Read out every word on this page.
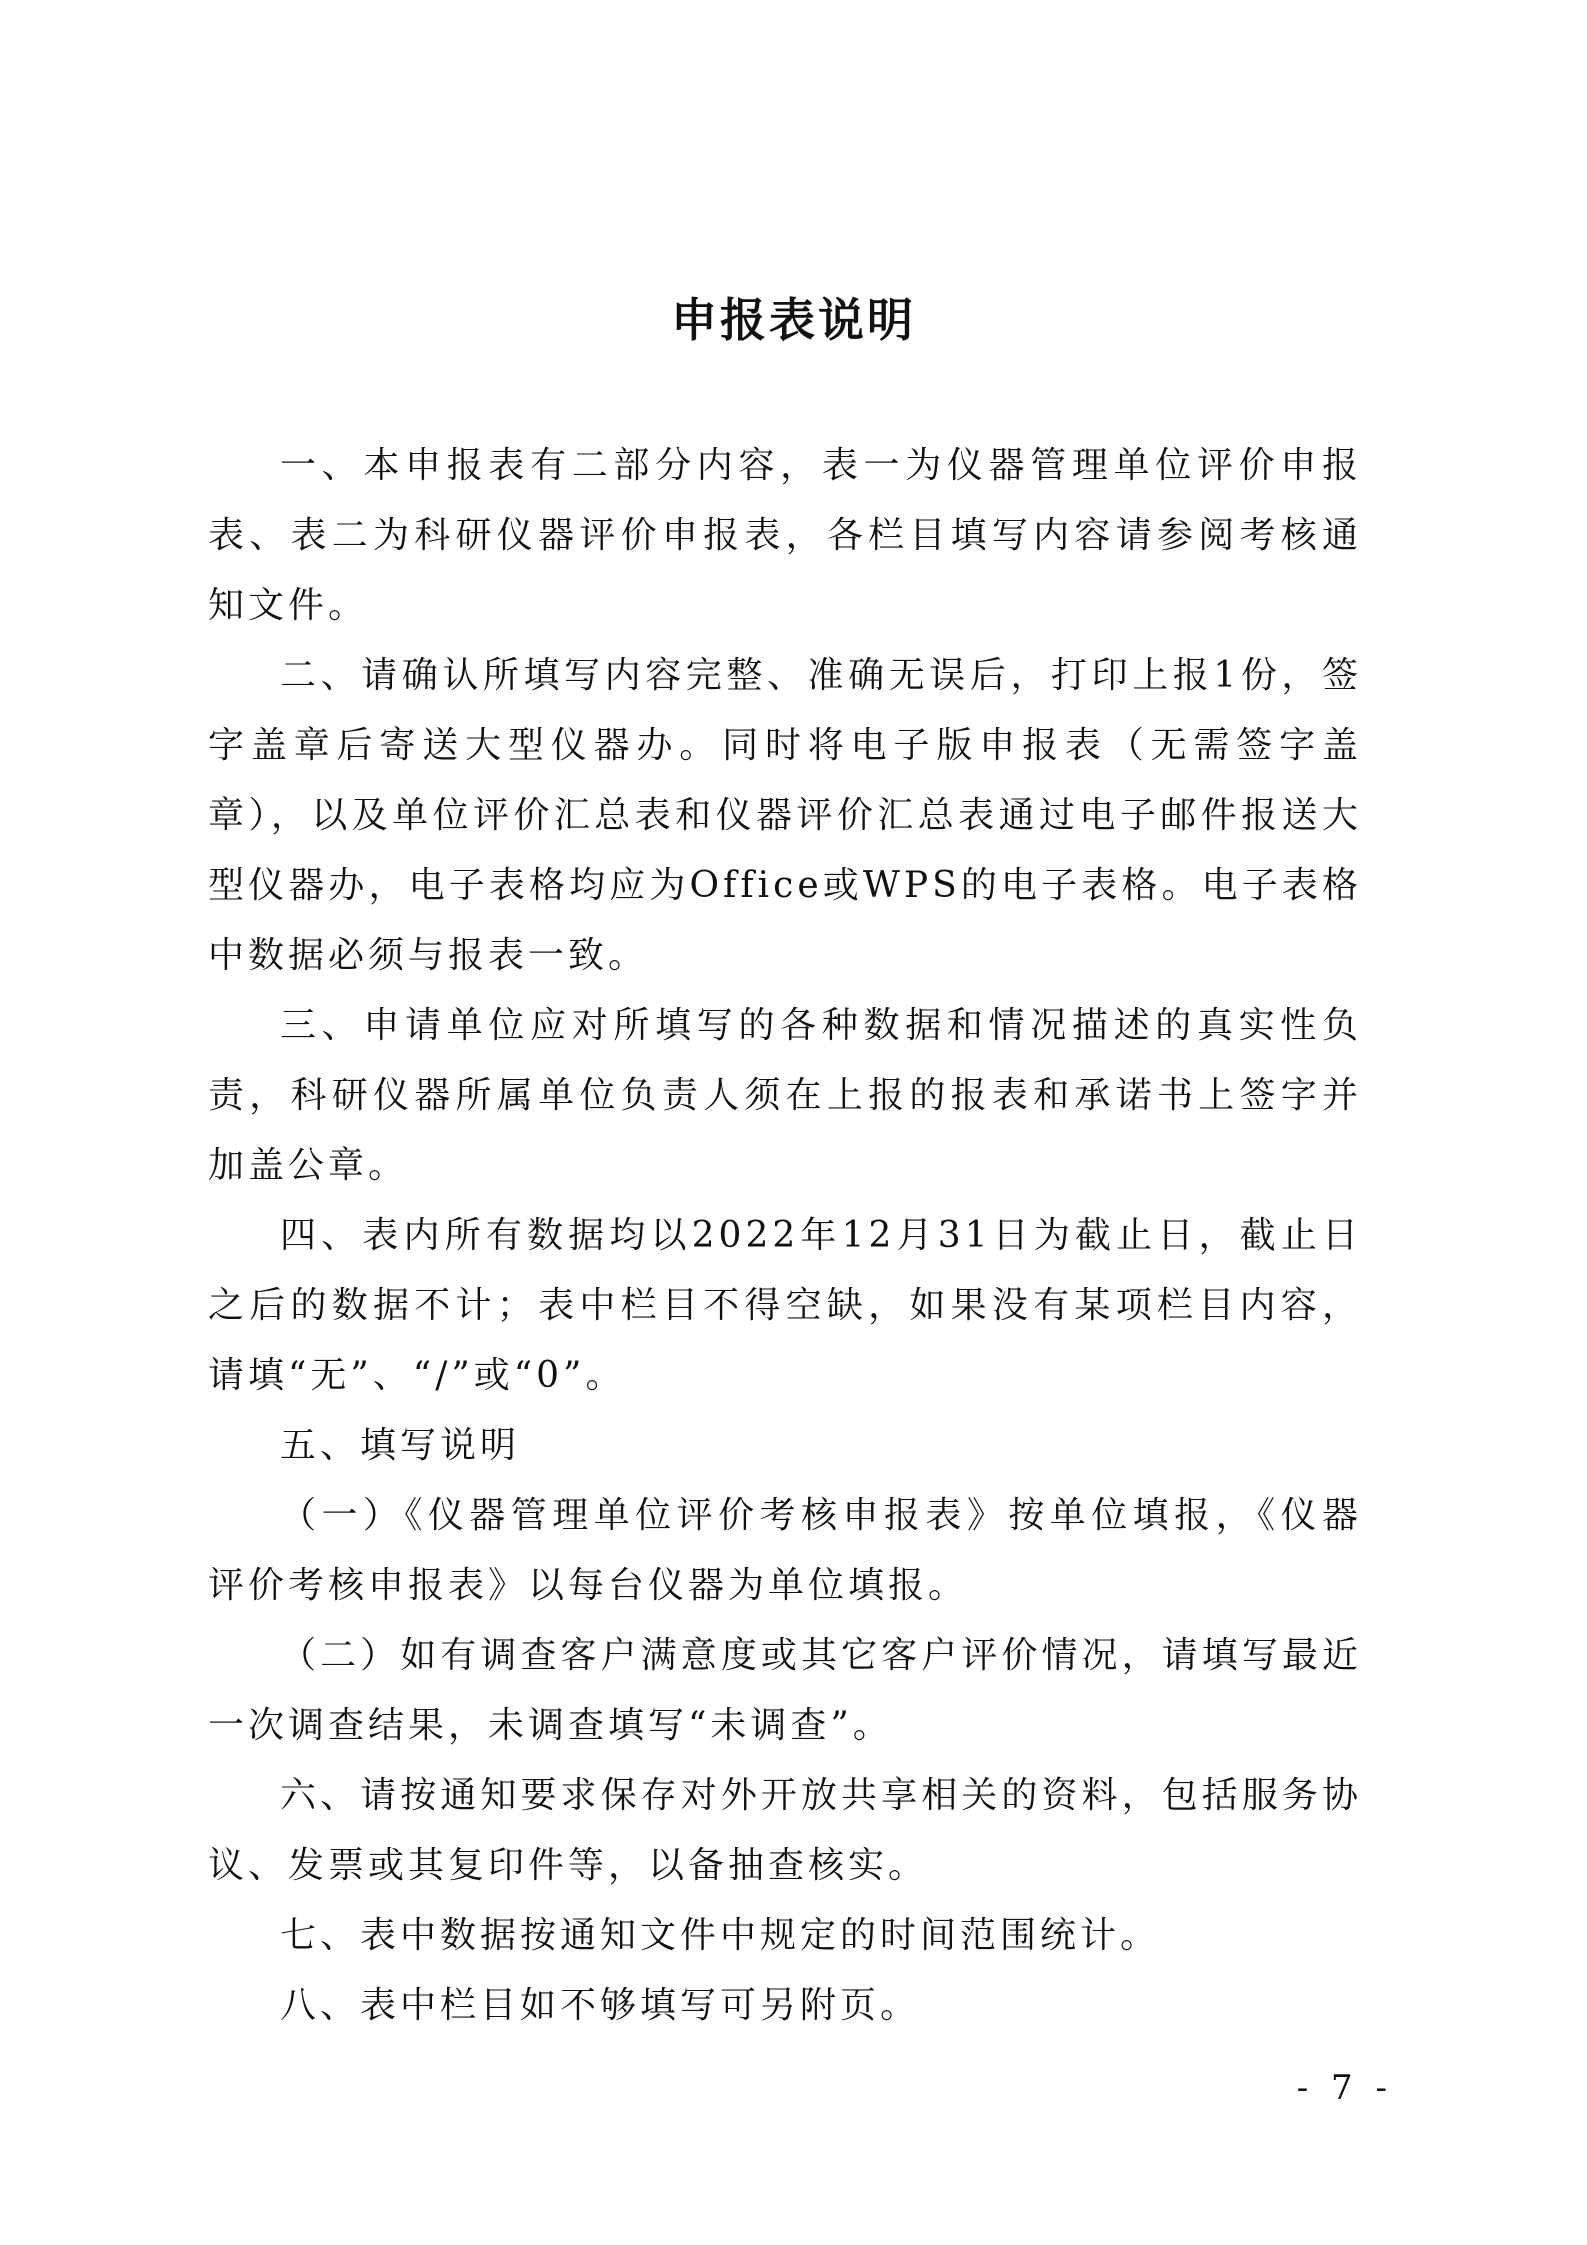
申报表说明

一、本申报表有二部分内容，表一为仪器管理单位评价申报表、表二为科研仪器评价申报表，各栏目填写内容请参阅考核通知文件。

二、请确认所填写内容完整、准确无误后，打印上报1份，签字盖章后寄送大型仪器办。同时将电子版申报表（无需签字盖章），以及单位评价汇总表和仪器评价汇总表通过电子邮件报送大型仪器办，电子表格均应为Office或WPS的电子表格。电子表格中数据必须与报表一致。

三、申请单位应对所填写的各种数据和情况描述的真实性负责，科研仪器所属单位负责人须在上报的报表和承诺书上签字并加盖公章。

四、表内所有数据均以2022年12月31日为截止日，截止日之后的数据不计；表中栏目不得空缺，如果没有某项栏目内容，请填“无”、“/”或“0”。

五、填写说明

（一）《仪器管理单位评价考核申报表》按单位填报，《仪器评价考核申报表》以每台仪器为单位填报。

（二）如有调查客户满意度或其它客户评价情况，请填写最近一次调查结果，未调查填写“未调查”。

六、请按通知要求保存对外开放共享相关的资料，包括服务协议、发票或其复印件等，以备抽查核实。

七、表中数据按通知文件中规定的时间范围统计。

八、表中栏目如不够填写可另附页。

- 7 -
